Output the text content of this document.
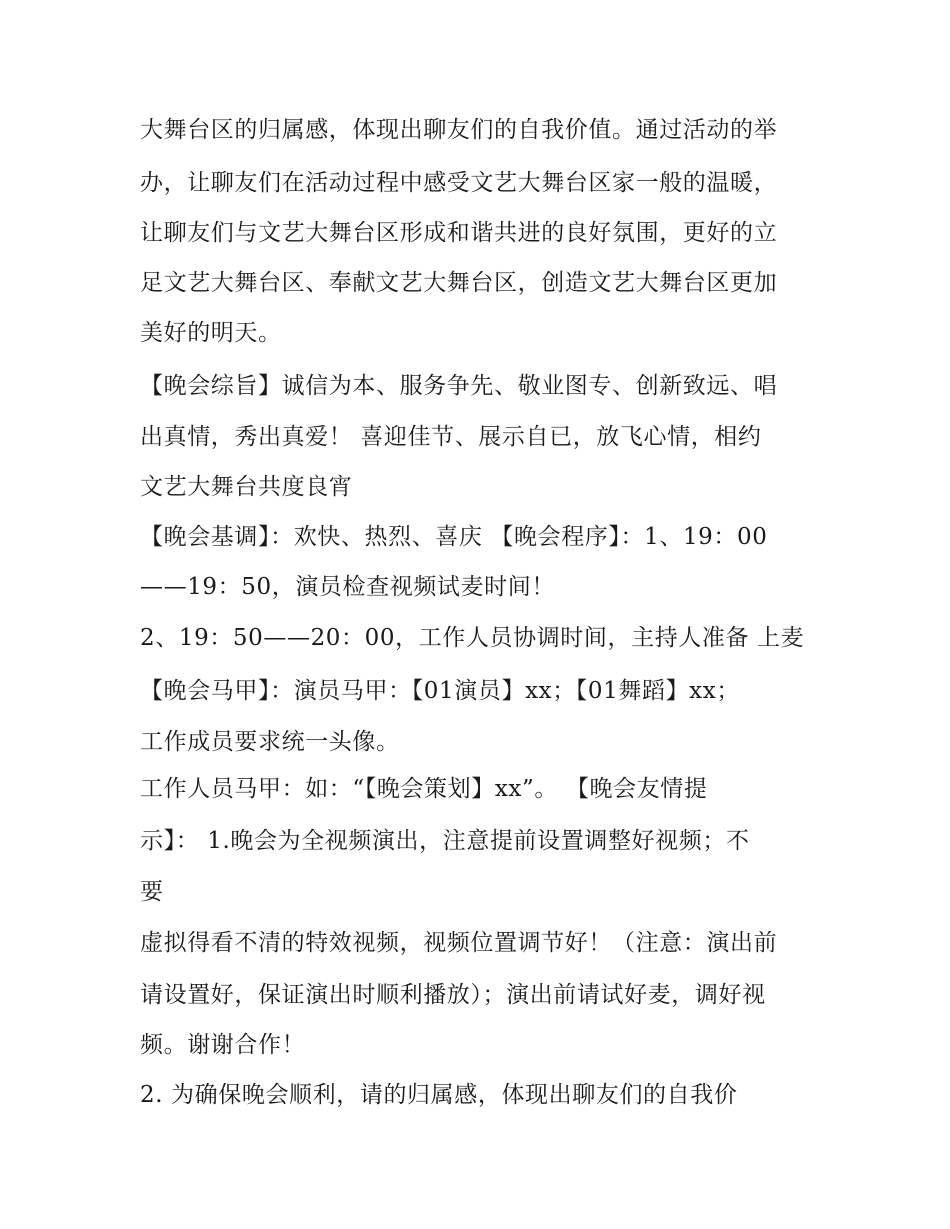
大舞台区的归属感，体现出聊友们的自我价值。通过活动的举

办，让聊友们在活动过程中感受文艺大舞台区家一般的温暖，

让聊友们与文艺大舞台区形成和谐共进的良好氛围，更好的立

足文艺大舞台区、奉献文艺大舞台区，创造文艺大舞台区更加

美好的明天。

【晚会综旨】诚信为本、服务争先、敬业图专、创新致远、唱

出真情，秀出真爱！ 喜迎佳节、展示自已，放飞心情，相约

文艺大舞台共度良宵

【晚会基调】：欢快、热烈、喜庆 【晚会程序】：1、19：00

——19：50，演员检查视频试麦时间！

2、19：50——20：00，工作人员协调时间，主持人准备 上麦

【晚会马甲】：演员马甲：【01演员】xx；【01舞蹈】xx；

工作成员要求统一头像。

工作人员马甲：如：“【晚会策划】xx”。 【晚会友情提

示】： 1.晚会为全视频演出，注意提前设置调整好视频；不

要

虚拟得看不清的特效视频，视频位置调节好！（注意：演出前

请设置好，保证演出时顺利播放）；演出前请试好麦，调好视

频。谢谢合作！

2. 为确保晚会顺利，请的归属感，体现出聊友们的自我价
